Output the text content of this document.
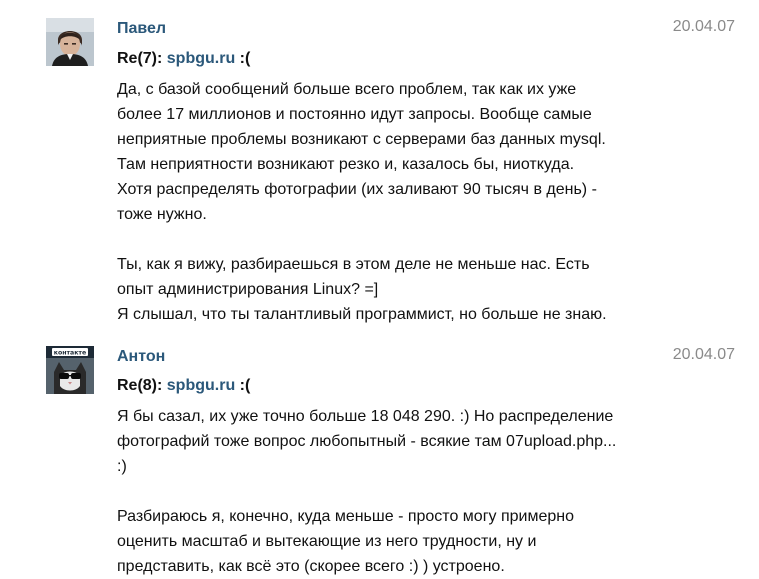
Павел	20.04.07
Re(7): spbgu.ru :(
Да, с базой сообщений больше всего проблем, так как их уже
более 17 миллионов и постоянно идут запросы. Вообще самые
неприятные проблемы возникают с серверами баз данных mysql.
Там неприятности возникают резко и, казалось бы, ниоткуда.
Хотя распределять фотографии (их заливают 90 тысяч в день) -
тоже нужно.
Ты, как я вижу, разбираешься в этом деле не меньше нас. Есть
опыт администрирования Linux? =]
Я слышал, что ты талантливый программист, но больше не знаю.
контакте Антон	20.04.07
Re(8): spbgu.ru :(
Я бы сазал, их уже точно больше 18 048 290. :) Но распределение
фотографий тоже вопрос любопытный - всякие там 07upload.php...
:)
Разбираюсь я, конечно, куда меньше - просто могу примерно
оценить масштаб и вытекающие из него трудности, ну и
представить, как всё это (скорее всего :) ) устроено.
